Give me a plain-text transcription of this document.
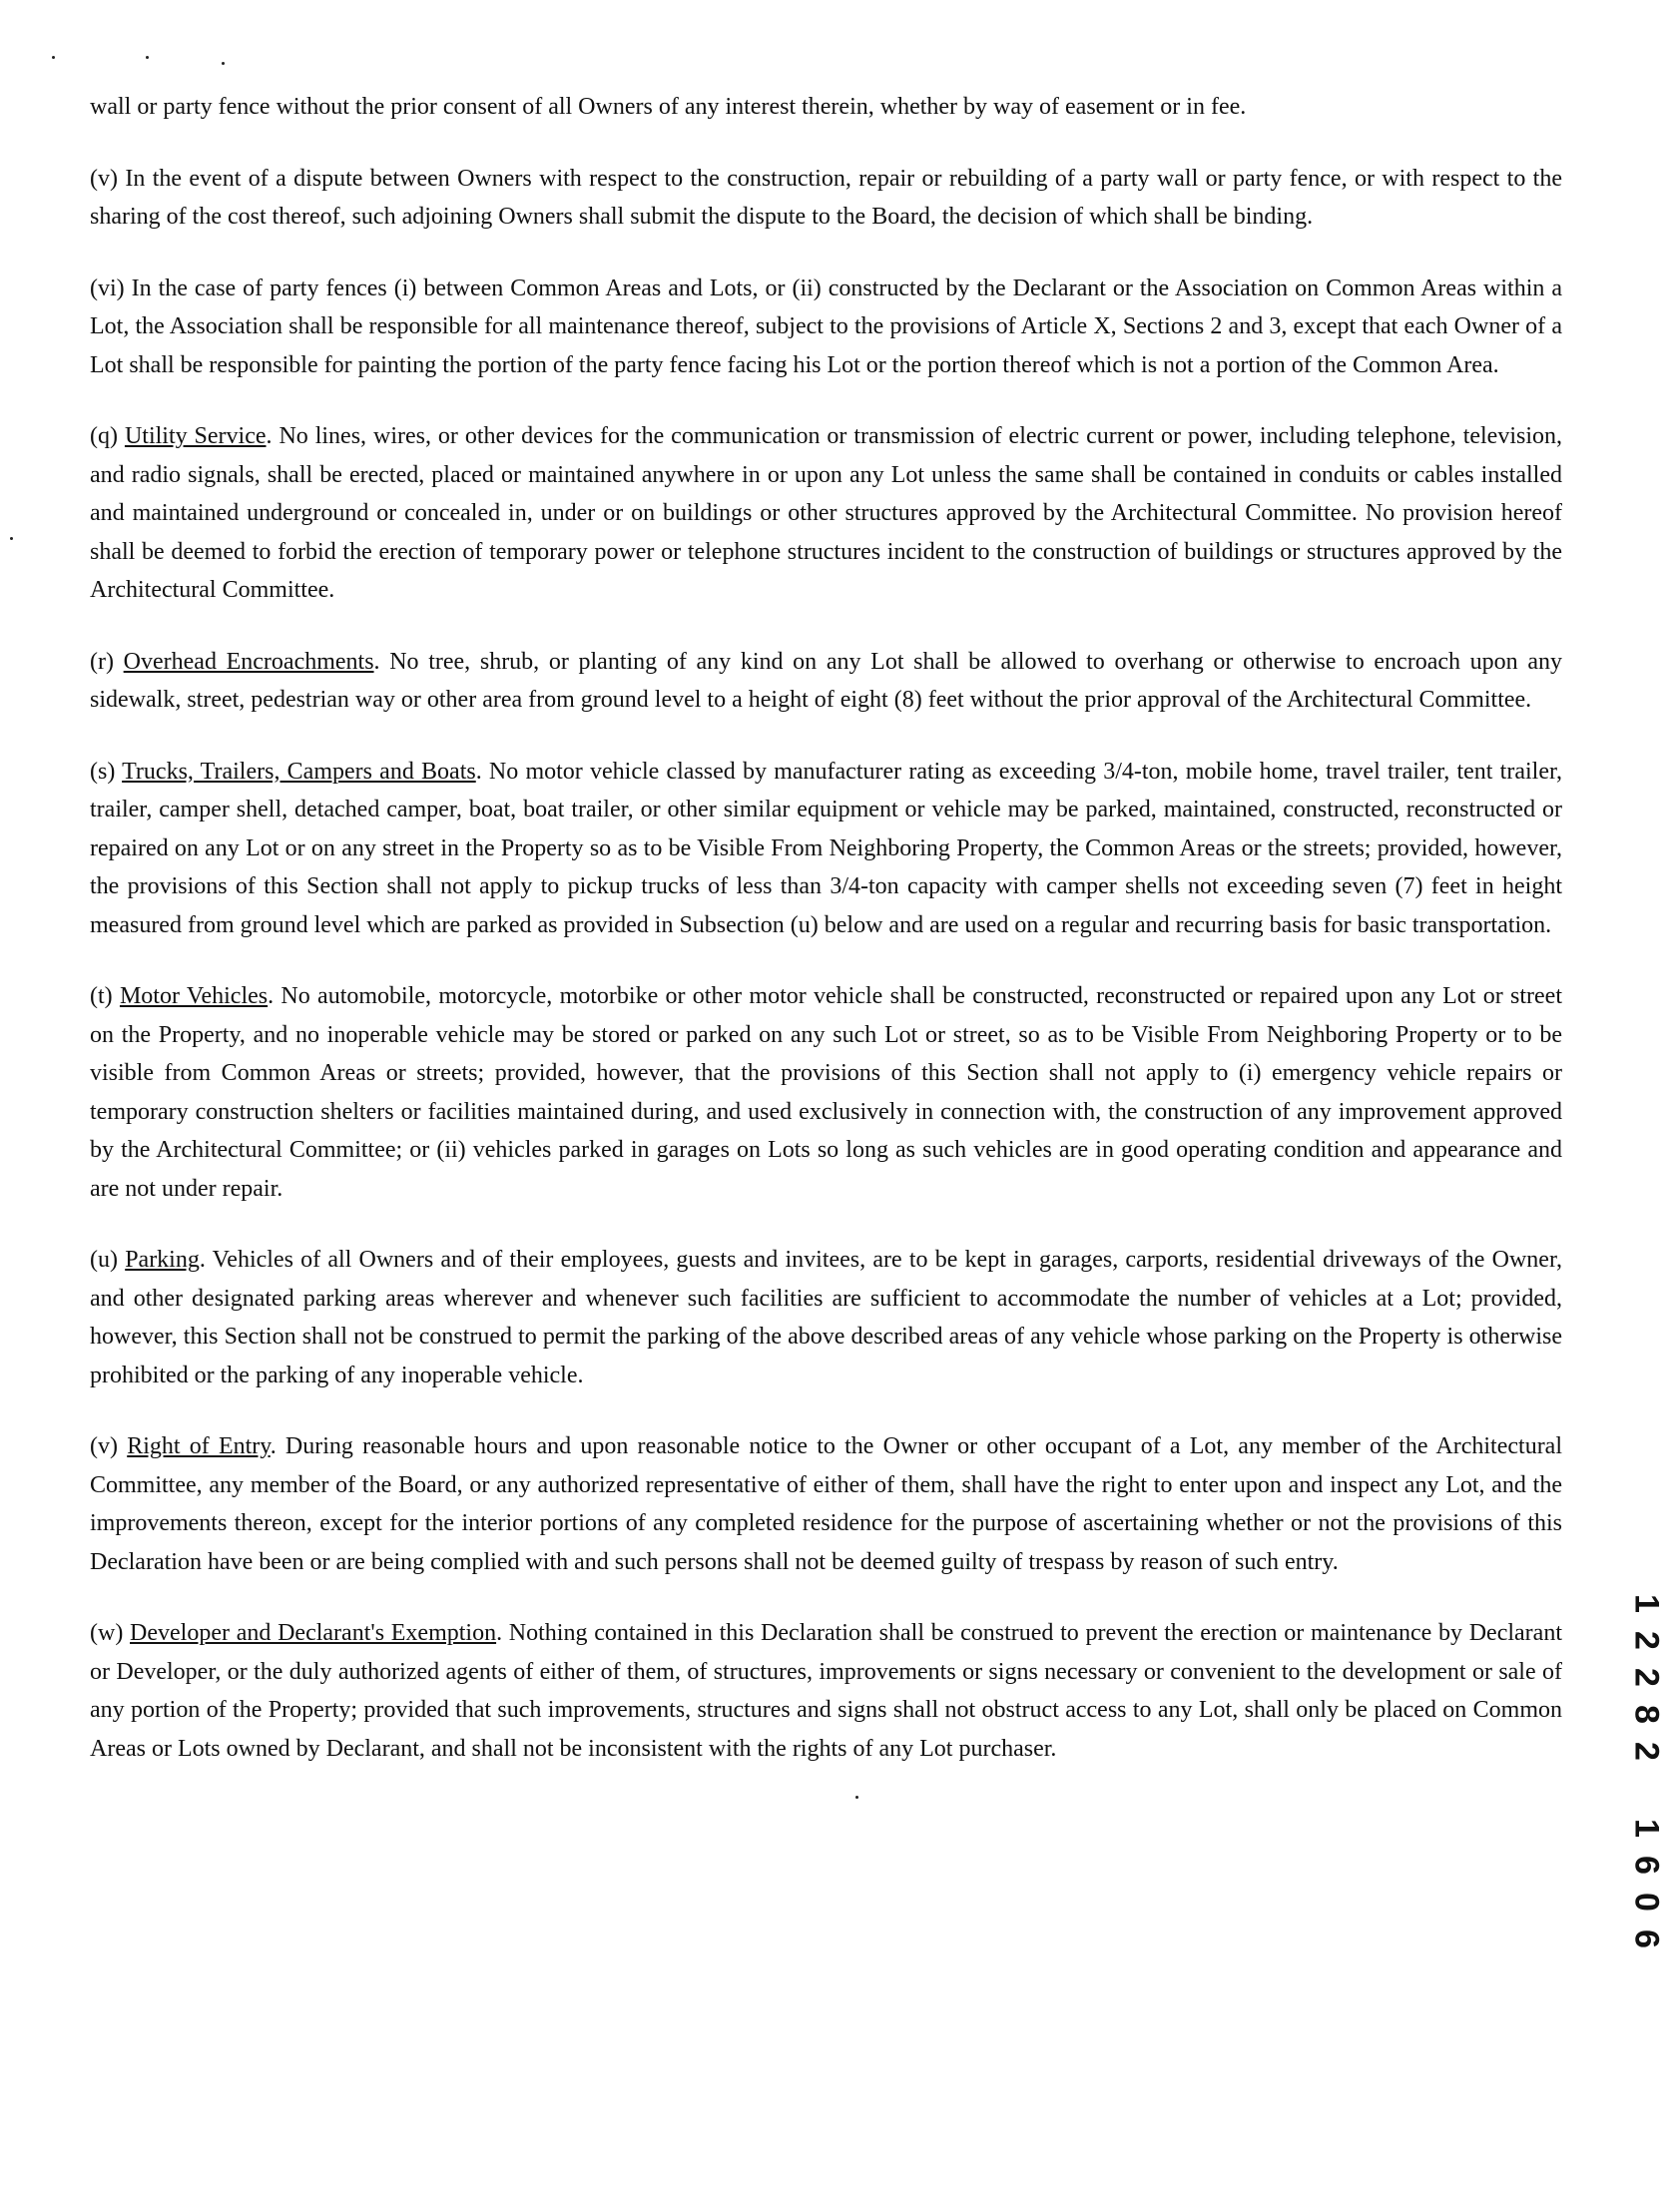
wall or party fence without the prior consent of all Owners of any interest therein, whether by way of easement or in fee.

(v) In the event of a dispute between Owners with respect to the construction, repair or rebuilding of a party wall or party fence, or with respect to the sharing of the cost thereof, such adjoining Owners shall submit the dispute to the Board, the decision of which shall be binding.

(vi) In the case of party fences (i) between Common Areas and Lots, or (ii) constructed by the Declarant or the Association on Common Areas within a Lot, the Association shall be responsible for all maintenance thereof, subject to the provisions of Article X, Sections 2 and 3, except that each Owner of a Lot shall be responsible for painting the portion of the party fence facing his Lot or the portion thereof which is not a portion of the Common Area.

(q) Utility Service. No lines, wires, or other devices for the communication or transmission of electric current or power, including telephone, television, and radio signals, shall be erected, placed or maintained anywhere in or upon any Lot unless the same shall be contained in conduits or cables installed and maintained underground or concealed in, under or on buildings or other structures approved by the Architectural Committee. No provision hereof shall be deemed to forbid the erection of temporary power or telephone structures incident to the construction of buildings or structures approved by the Architectural Committee.

(r) Overhead Encroachments. No tree, shrub, or planting of any kind on any Lot shall be allowed to overhang or otherwise to encroach upon any sidewalk, street, pedestrian way or other area from ground level to a height of eight (8) feet without the prior approval of the Architectural Committee.

(s) Trucks, Trailers, Campers and Boats. No motor vehicle classed by manufacturer rating as exceeding 3/4-ton, mobile home, travel trailer, tent trailer, trailer, camper shell, detached camper, boat, boat trailer, or other similar equipment or vehicle may be parked, maintained, constructed, reconstructed or repaired on any Lot or on any street in the Property so as to be Visible From Neighboring Property, the Common Areas or the streets; provided, however, the provisions of this Section shall not apply to pickup trucks of less than 3/4-ton capacity with camper shells not exceeding seven (7) feet in height measured from ground level which are parked as provided in Subsection (u) below and are used on a regular and recurring basis for basic transportation.

(t) Motor Vehicles. No automobile, motorcycle, motorbike or other motor vehicle shall be constructed, reconstructed or repaired upon any Lot or street on the Property, and no inoperable vehicle may be stored or parked on any such Lot or street, so as to be Visible From Neighboring Property or to be visible from Common Areas or streets; provided, however, that the provisions of this Section shall not apply to (i) emergency vehicle repairs or temporary construction shelters or facilities maintained during, and used exclusively in connection with, the construction of any improvement approved by the Architectural Committee; or (ii) vehicles parked in garages on Lots so long as such vehicles are in good operating condition and appearance and are not under repair.

(u) Parking. Vehicles of all Owners and of their employees, guests and invitees, are to be kept in garages, carports, residential driveways of the Owner, and other designated parking areas wherever and whenever such facilities are sufficient to accommodate the number of vehicles at a Lot; provided, however, this Section shall not be construed to permit the parking of the above described areas of any vehicle whose parking on the Property is otherwise prohibited or the parking of any inoperable vehicle.

(v) Right of Entry. During reasonable hours and upon reasonable notice to the Owner or other occupant of a Lot, any member of the Architectural Committee, any member of the Board, or any authorized representative of either of them, shall have the right to enter upon and inspect any Lot, and the improvements thereon, except for the interior portions of any completed residence for the purpose of ascertaining whether or not the provisions of this Declaration have been or are being complied with and such persons shall not be deemed guilty of trespass by reason of such entry.

(w) Developer and Declarant's Exemption. Nothing contained in this Declaration shall be construed to prevent the erection or maintenance by Declarant or Developer, or the duly authorized agents of either of them, of structures, improvements or signs necessary or convenient to the development or sale of any portion of the Property; provided that such improvements, structures and signs shall not obstruct access to any Lot, shall only be placed on Common Areas or Lots owned by Declarant, and shall not be inconsistent with the rights of any Lot purchaser.

1
2
2
8
2
1
6
0
6
